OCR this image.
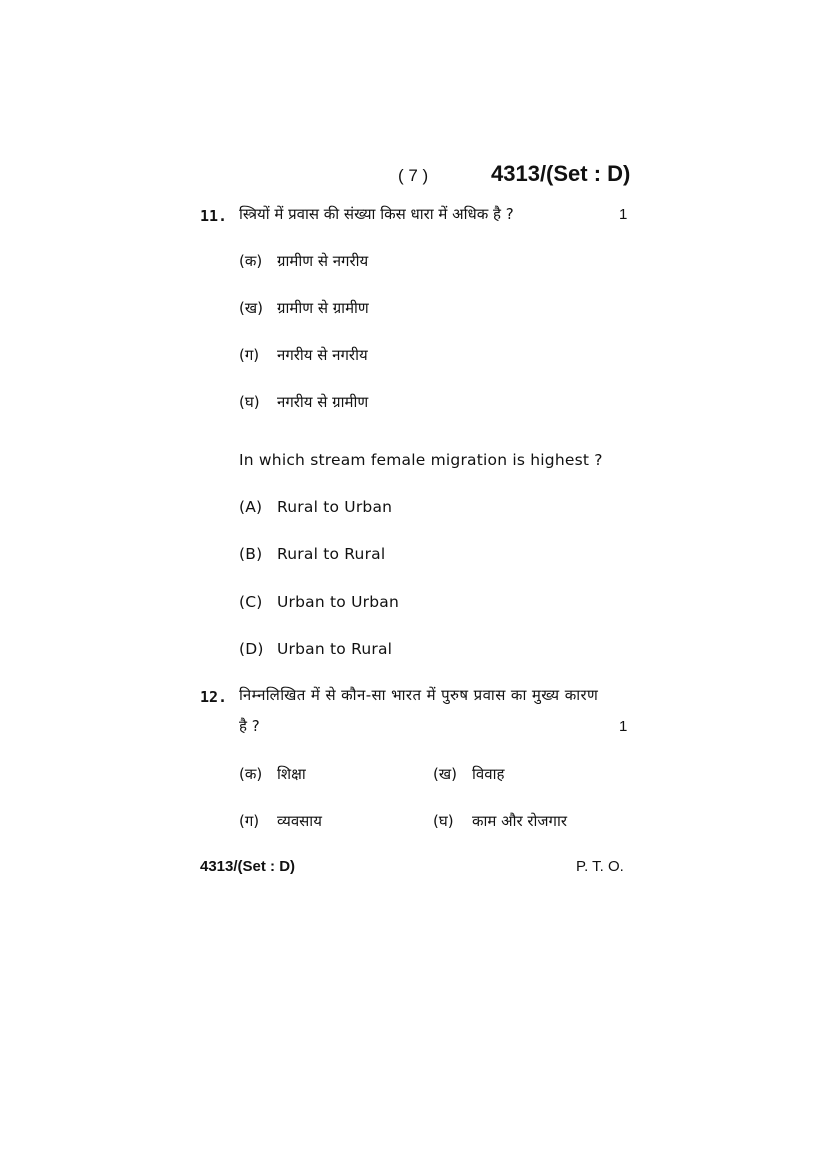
( 7 )	4313/(Set : D)
11. स्त्रियों में प्रवास की संख्या किस धारा में अधिक है ?	1
(क) ग्रामीण से नगरीय
(ख) ग्रामीण से ग्रामीण
(ग) नगरीय से नगरीय
(घ) नगरीय से ग्रामीण
In which stream female migration is highest ?
(A) Rural to Urban
(B) Rural to Rural
(C) Urban to Urban
(D) Urban to Rural
12. निम्नलिखित में से कौन-सा भारत में पुरुष प्रवास का मुख्य कारण
है ?	1
(क) शिक्षा	(ख) विवाह
(ग) व्यवसाय	(घ) काम और रोजगार
4313/(Set : D)	P. T. O.
